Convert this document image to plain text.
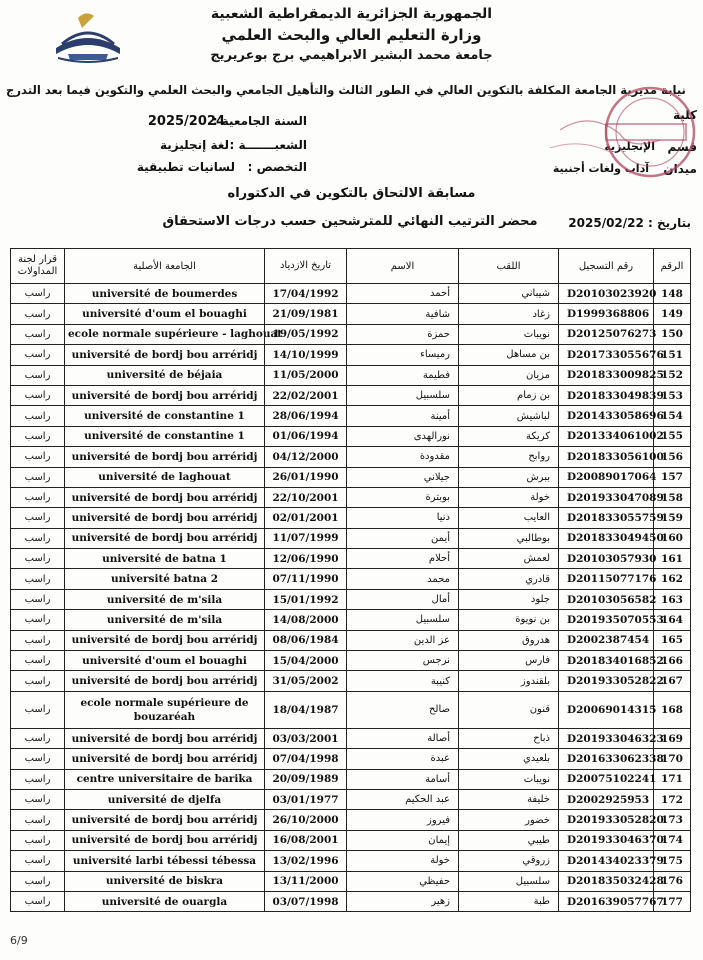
الجمهورية الجزائرية الديمقراطية الشعبية
وزارة التعليم العالي والبحث العلمي
جامعة محمد البشير الابراهيمي برج بوعريريج
نيابة مديرية الجامعة المكلفة بالتكوين العالي في الطور الثالث والتأهيل الجامعي والبحث العلمي والتكوين فيما بعد التدرج
كلية
قسم
الإنجليزية
ميدان
آداب ولغات أجنبية
السنة الجامعية :
2025/2024
الشعبـــــــة :
لغة إنجليزية
التخصص :
لسانيات تطبيقية
مسابقة الالتحاق بالتكوين في الدكتوراه
محضر الترتيب النهائي للمترشحين حسب درجات الاستحقاق	بتاريخ : 2025/02/22
قرار لجنة المداولات	الجامعة الأصلية	تاريخ الازدياد	الاسم	اللقب	رقم التسجيل	الرقم
راسب	université de boumerdes	17/04/1992	أحمد	شيباني	D20103023920	148
راسب	université d'oum el bouaghi	21/09/1981	شافية	زغاد	D1999368806	149
راسب	ecole normale supérieure - laghouat	19/05/1992	حمزة	نويبات	D20125076273	150
راسب	université de bordj bou arréridj	14/10/1999	رميساء	بن مساهل	D201733055676	151
راسب	université de béjaia	11/05/2000	فطيمة	مزيان	D201833009825	152
راسب	université de bordj bou arréridj	22/02/2001	سلسبيل	بن زمام	D201833049839	153
راسب	université de constantine 1	28/06/1994	أمينة	لباشيش	D201433058696	154
راسب	université de constantine 1	01/06/1994	نورالهدى	كريكة	D201334061002	155
راسب	université de bordj bou arréridj	04/12/2000	مقدودة	روابح	D201833056100	156
راسب	université de laghouat	26/01/1990	جيلاني	ببرش	D20089017064	157
راسب	université de bordj bou arréridj	22/10/2001	بوبترة	خولة	D201933047089	158
راسب	université de bordj bou arréridj	02/01/2001	دنيا	العايب	D201833055759	159
راسب	université de bordj bou arréridj	11/07/1999	أيمن	بوطالبي	D201833049450	160
راسب	université de batna 1	12/06/1990	أحلام	لعمش	D20103057930	161
راسب	université batna 2	07/11/1990	محمد	قادري	D20115077176	162
راسب	université de m'sila	15/01/1992	أمال	جلود	D20103056582	163
راسب	université de m'sila	14/08/2000	سلسبيل	بن نويوة	D201935070553	164
راسب	université de bordj bou arréridj	08/06/1984	عز الدين	هدروق	D2002387454	165
راسب	université d'oum el bouaghi	15/04/2000	نرجس	فارس	D201834016852	166
راسب	université de bordj bou arréridj	31/05/2002	كنيبة	بلقندوز	D201933052822	167
راسب	ecole normale supérieure de bouzaréah	18/04/1987	صالح	قنون	D20069014315	168
راسب	université de bordj bou arréridj	03/03/2001	أصالة	ذباح	D201933046323	169
راسب	université de bordj bou arréridj	07/04/1998	عبدة	بلعيدي	D201633062338	170
راسب	centre universitaire de barika	20/09/1989	أسامة	نويبات	D20075102241	171
راسب	université de djelfa	03/01/1977	عبد الحكيم	خليفة	D2002925953	172
راسب	université de bordj bou arréridj	26/10/2000	فيروز	خضور	D201933052820	173
راسب	université de bordj bou arréridj	16/08/2001	إيمان	طيبي	D201933046370	174
راسب	université larbi tébessi tébessa	13/02/1996	خولة	زروقي	D201434023379	175
راسب	université de biskra	13/11/2000	حفيظي	سلسبيل	D201835032428	176
راسب	université de ouargla	03/07/1998	زهير	طبة	D201639057767	177
6/9
